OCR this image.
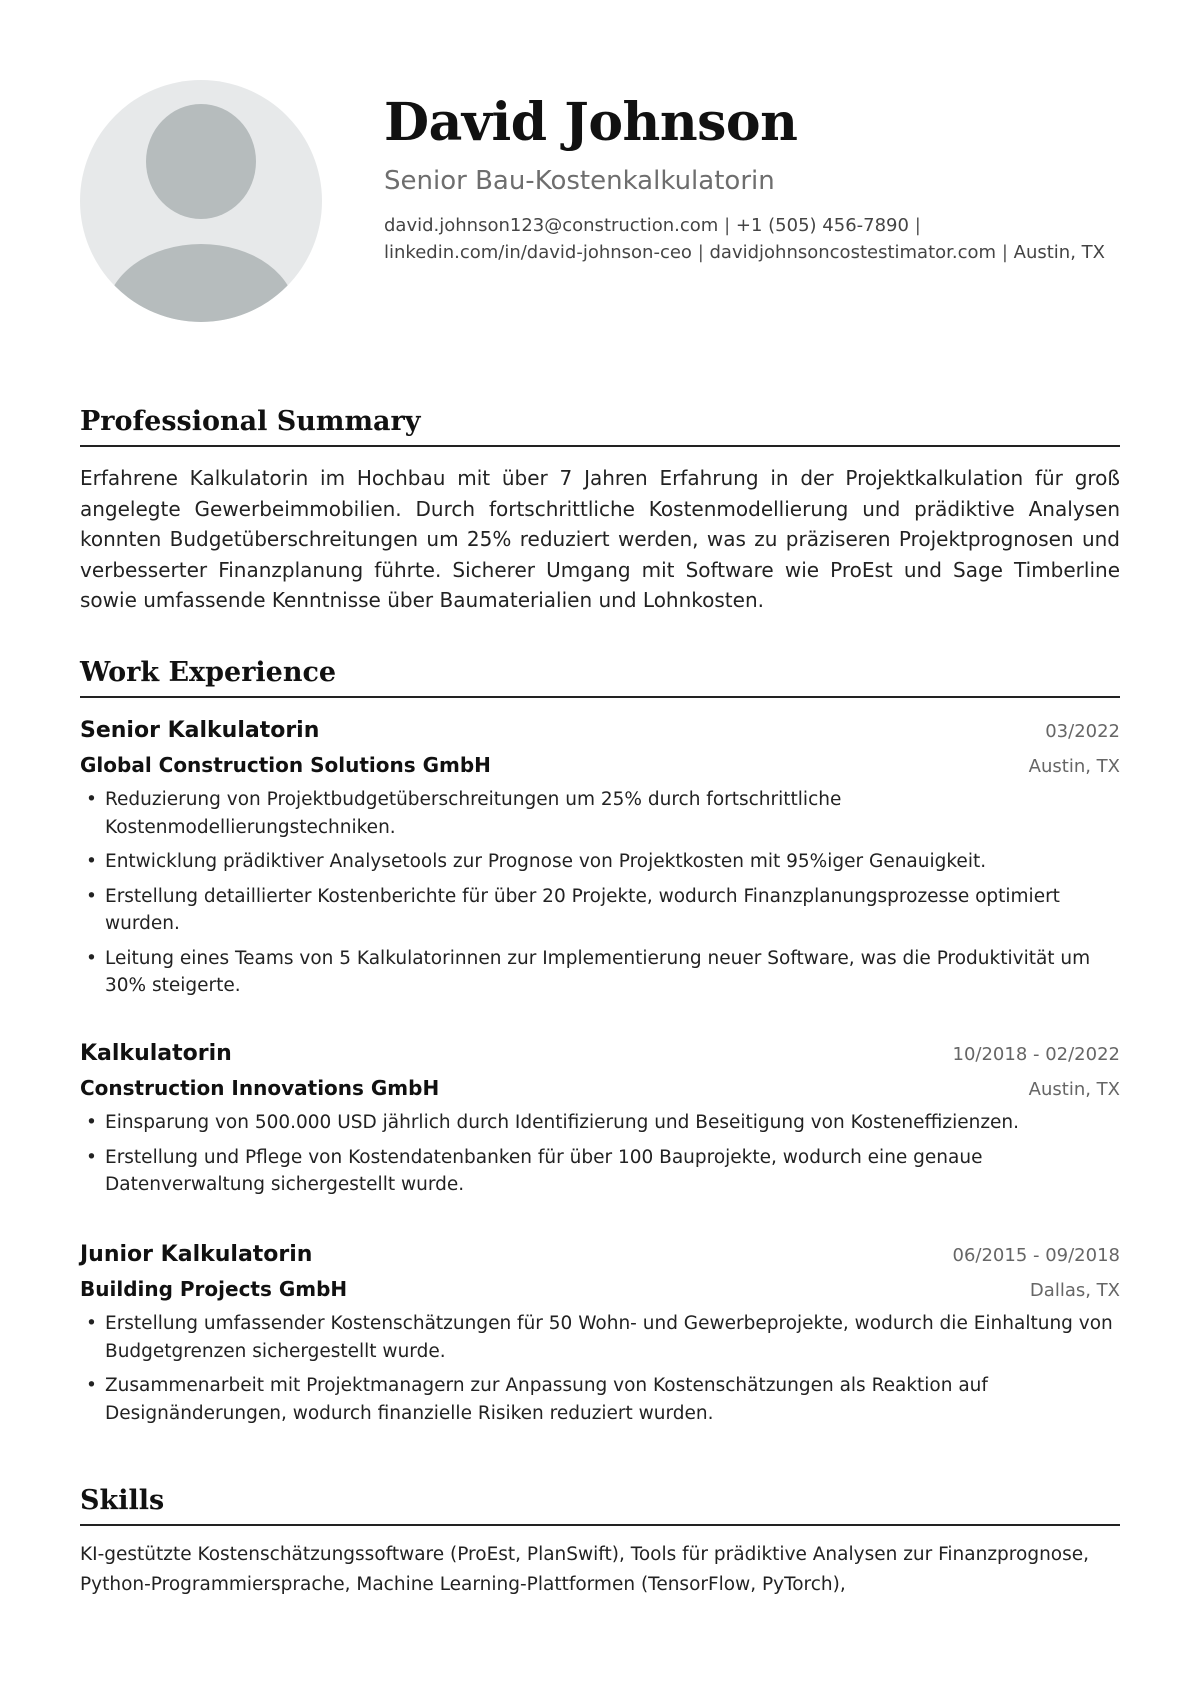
David Johnson
Senior Bau-Kostenkalkulatorin
david.johnson123@construction.com | +1 (505) 456-7890 |
linkedin.com/in/david-johnson-ceo | davidjohnsoncostestimator.com | Austin, TX
Professional Summary
Erfahrene Kalkulatorin im Hochbau mit über 7 Jahren Erfahrung in der Projektkalkulation für groß angelegte Gewerbeimmobilien. Durch fortschrittliche Kostenmodellierung und prädiktive Analysen konnten Budgetüberschreitungen um 25% reduziert werden, was zu präziseren Projektprognosen und verbesserter Finanzplanung führte. Sicherer Umgang mit Software wie ProEst und Sage Timberline sowie umfassende Kenntnisse über Baumaterialien und Lohnkosten.
Work Experience
Senior Kalkulatorin	03/2022
Global Construction Solutions GmbH	Austin, TX
• Reduzierung von Projektbudgetüberschreitungen um 25% durch fortschrittliche Kostenmodellierungstechniken.
• Entwicklung prädiktiver Analysetools zur Prognose von Projektkosten mit 95%iger Genauigkeit.
• Erstellung detaillierter Kostenberichte für über 20 Projekte, wodurch Finanzplanungsprozesse optimiert wurden.
• Leitung eines Teams von 5 Kalkulatorinnen zur Implementierung neuer Software, was die Produktivität um 30% steigerte.
Kalkulatorin	10/2018 - 02/2022
Construction Innovations GmbH	Austin, TX
• Einsparung von 500.000 USD jährlich durch Identifizierung und Beseitigung von Kosteneffizienzen.
• Erstellung und Pflege von Kostendatenbanken für über 100 Bauprojekte, wodurch eine genaue Datenverwaltung sichergestellt wurde.
Junior Kalkulatorin	06/2015 - 09/2018
Building Projects GmbH	Dallas, TX
• Erstellung umfassender Kostenschätzungen für 50 Wohn- und Gewerbeprojekte, wodurch die Einhaltung von Budgetgrenzen sichergestellt wurde.
• Zusammenarbeit mit Projektmanagern zur Anpassung von Kostenschätzungen als Reaktion auf Designänderungen, wodurch finanzielle Risiken reduziert wurden.
Skills
KI-gestützte Kostenschätzungssoftware (ProEst, PlanSwift), Tools für prädiktive Analysen zur Finanzprognose, Python-Programmiersprache, Machine Learning-Plattformen (TensorFlow, PyTorch),
